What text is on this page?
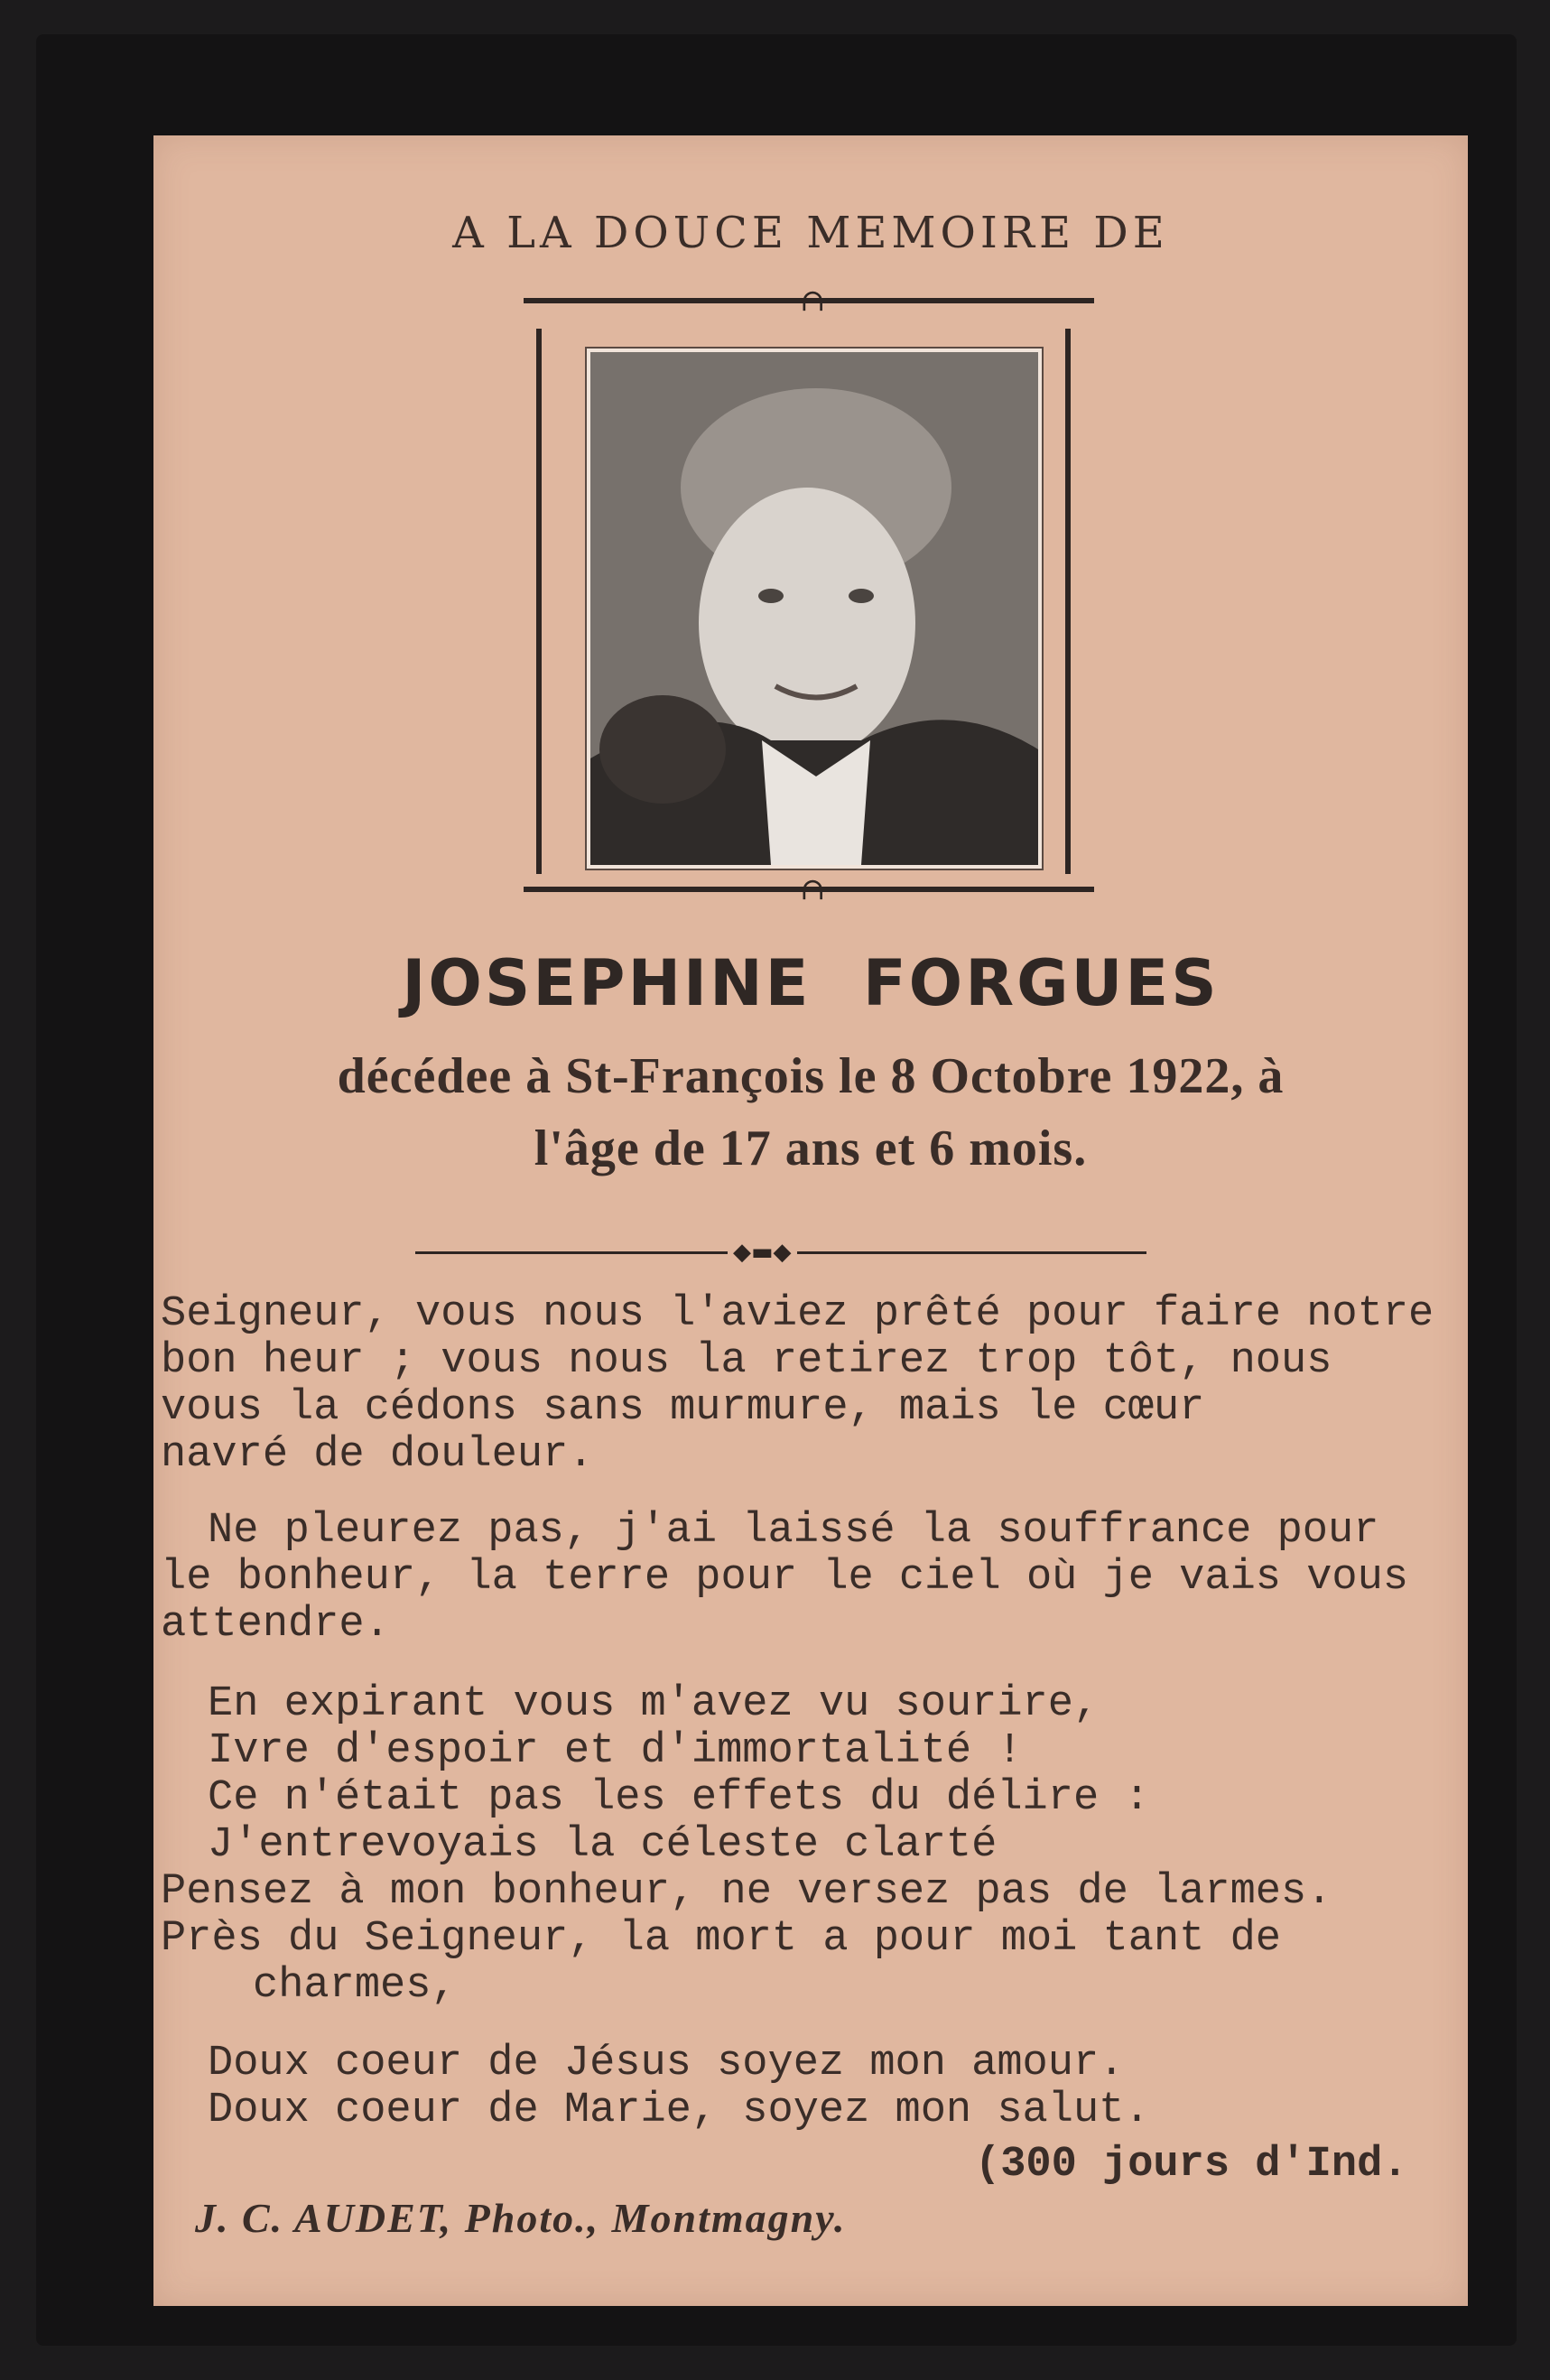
A LA DOUCE MEMOIRE DE
∩
∩
JOSEPHINE FORGUES
décédee à St-François le 8 Octobre 1922, à
l'âge de 17 ans et 6 mois.
◆▬◆
Seigneur, vous nous l'aviez prêté pour faire notre
bon heur ; vous nous la retirez trop tôt, nous
vous la cédons sans murmure, mais le cœur
navré de douleur.
Ne pleurez pas, j'ai laissé la souffrance pour
le bonheur, la terre pour le ciel où je vais vous
attendre.
En expirant vous m'avez vu sourire,
Ivre d'espoir et d'immortalité !
Ce n'était pas les effets du délire :
J'entrevoyais la céleste clarté
Pensez à mon bonheur, ne versez pas de larmes.
Près du Seigneur, la mort a pour moi tant de
charmes,
Doux coeur de Jésus soyez mon amour.
Doux coeur de Marie, soyez mon salut.
(300 jours d'Ind.
J. C. AUDET, Photo., Montmagny.
